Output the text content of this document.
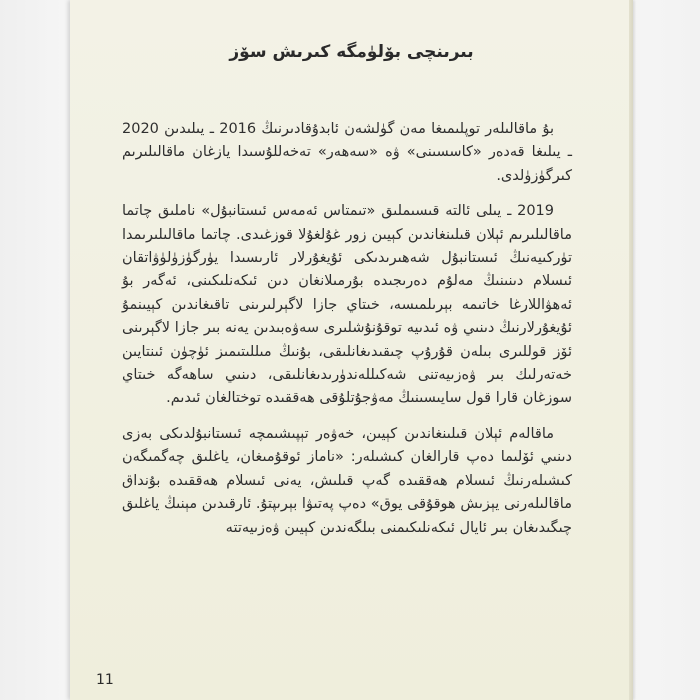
بىرىنچى بۆلۈمگە كىرىش سۆز

بۇ ماقالىلەر توپلىمىغا مەن گۈلشەن ئابدۇقادىرنىڭ 2016 ـ يىلىدىن 2020 ـ يىلىغا قەدەر «كاسسىنى» ۋە «سەھەر» تەخەللۇسىدا يازغان ماقالىلىرىم كىرگۈزۈلدى.

2019 ـ يىلى ئالتە قىسىملىق «تىمتاس ئەمەس ئىستانبۇل» ناملىق چاتما ماقالىلىرىم ئېلان قىلىنغاندىن كېيىن زور غۇلغۇلا قوزغىدى. چاتما ماقالىلىرىمدا تۈركىيەنىڭ ئىستانبۇل شەھىرىدىكى ئۇيغۇرلار ئارىسىدا يۈرگۈزۈلۈۋاتقان ئىسلام دىنىنىڭ مەلۇم دەرىجىدە بۇرمىلانغان دىن ئىكەنلىكىنى، ئەگەر بۇ ئەھۋاللارغا خاتىمە بېرىلمىسە، خىتاي جازا لاگېرلىرىنى تاقىغاندىن كېيىنمۇ ئۇيغۇرلارنىڭ دىنىي ۋە ئىدىيە توقۇنۇشلىرى سەۋەبىدىن يەنە بىر جازا لاگېرىنى ئۆز قوللىرى بىلەن قۇرۇپ چىقىدىغانلىقى، بۇنىڭ مىللىتىمىز ئۈچۈن ئىنتايىن خەتەرلىك بىر ۋەزىيەتنى شەكىللەندۈرىدىغانلىقى، دىنىي ساھەگە خىتاي سوزغان قارا قول سايىسىنىڭ مەۋجۇتلۇقى ھەققىدە توختالغان ئىدىم.

ماقالەم ئېلان قىلىنغاندىن كېيىن، خەۋەر تېپىشىمچە ئىستانبۇلدىكى بەزى دىنىي ئۆلىما دەپ قارالغان كىشىلەر: «ناماز ئوقۇمىغان، ياغلىق چەگمىگەن كىشىلەرنىڭ ئىسلام ھەققىدە گەپ قىلىش، يەنى ئىسلام ھەققىدە بۇنداق ماقالىلەرنى يېزىش ھوقۇقى يوق» دەپ پەتىۋا بېرىپتۇ. ئارقىدىن مېنىڭ ياغلىق چىگىدىغان بىر ئايال ئىكەنلىكىمنى بىلگەندىن كېيىن ۋەزىيەتتە

11
